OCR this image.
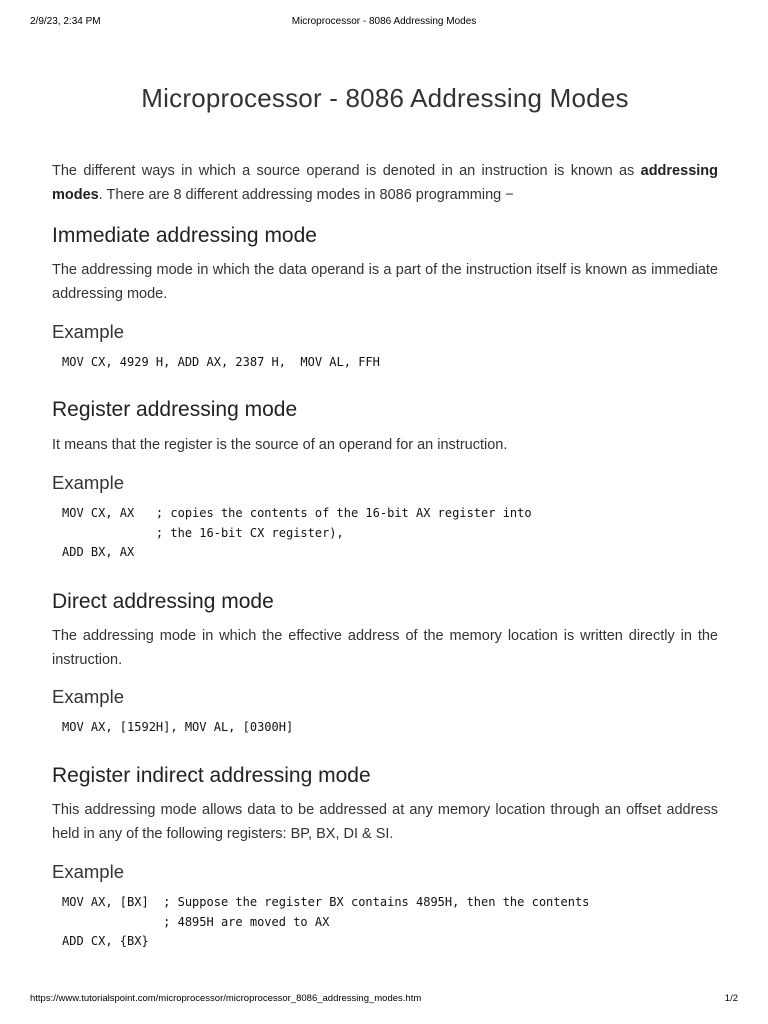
2/9/23, 2:34 PM	Microprocessor - 8086 Addressing Modes
Microprocessor - 8086 Addressing Modes

The different ways in which a source operand is denoted in an instruction is known as addressing modes. There are 8 different addressing modes in 8086 programming −

Immediate addressing mode

The addressing mode in which the data operand is a part of the instruction itself is known as immediate addressing mode.

Example
MOV CX, 4929 H, ADD AX, 2387 H,  MOV AL, FFH
Register addressing mode

It means that the register is the source of an operand for an instruction.

Example
MOV CX, AX   ; copies the contents of the 16-bit AX register into
; the 16-bit CX register),
ADD BX, AX
Direct addressing mode

The addressing mode in which the effective address of the memory location is written directly in the instruction.

Example
MOV AX, [1592H], MOV AL, [0300H]
Register indirect addressing mode

This addressing mode allows data to be addressed at any memory location through an offset address held in any of the following registers: BP, BX, DI & SI.

Example
MOV AX, [BX]  ; Suppose the register BX contains 4895H, then the contents
; 4895H are moved to AX
ADD CX, {BX}
https://www.tutorialspoint.com/microprocessor/microprocessor_8086_addressing_modes.htm	1/2
